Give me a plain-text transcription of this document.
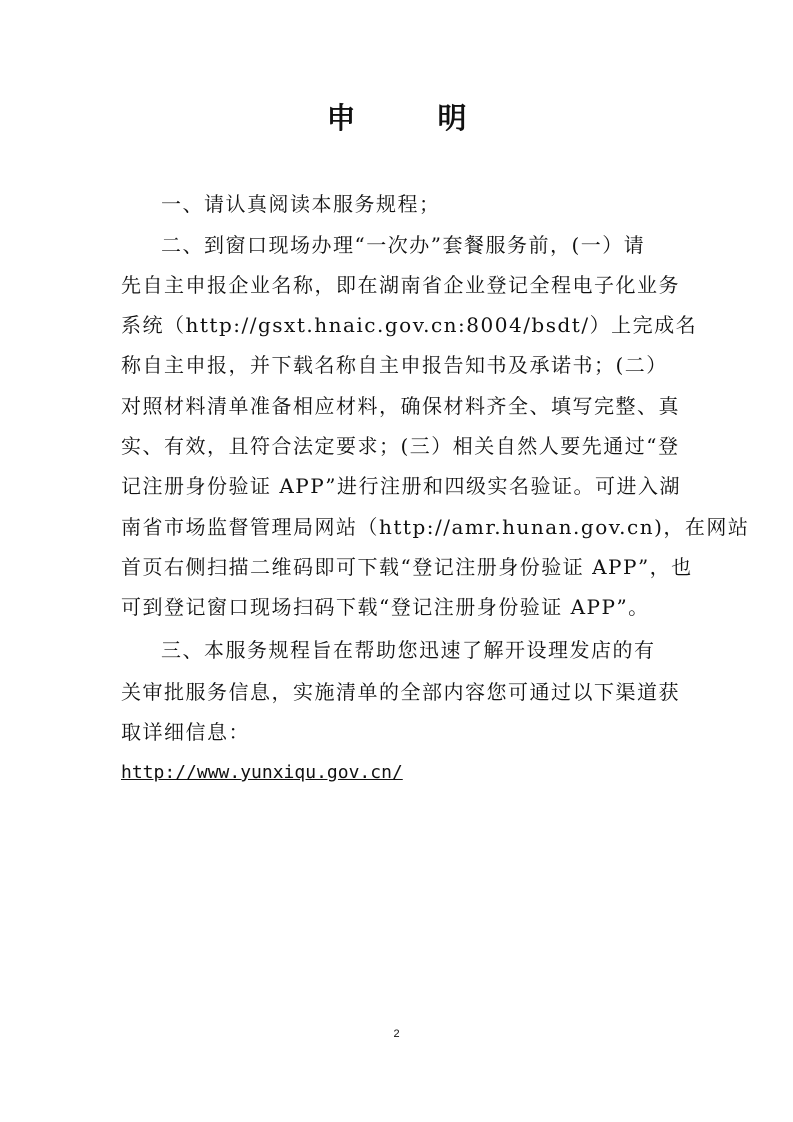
申 明
一、请认真阅读本服务规程；
二、到窗口现场办理“一次办”套餐服务前，(一）请
先自主申报企业名称，即在湖南省企业登记全程电子化业务
系统（http://gsxt.hnaic.gov.cn:8004/bsdt/）上完成名
称自主申报，并下载名称自主申报告知书及承诺书；(二）
对照材料清单准备相应材料，确保材料齐全、填写完整、真
实、有效，且符合法定要求；(三）相关自然人要先通过“登
记注册身份验证 APP”进行注册和四级实名验证。可进入湖
南省市场监督管理局网站（http://amr.hunan.gov.cn)，在网站
首页右侧扫描二维码即可下载“登记注册身份验证 APP”，也
可到登记窗口现场扫码下载“登记注册身份验证 APP”。
三、本服务规程旨在帮助您迅速了解开设理发店的有
关审批服务信息，实施清单的全部内容您可通过以下渠道获
取详细信息：
http://www.yunxiqu.gov.cn/
2
